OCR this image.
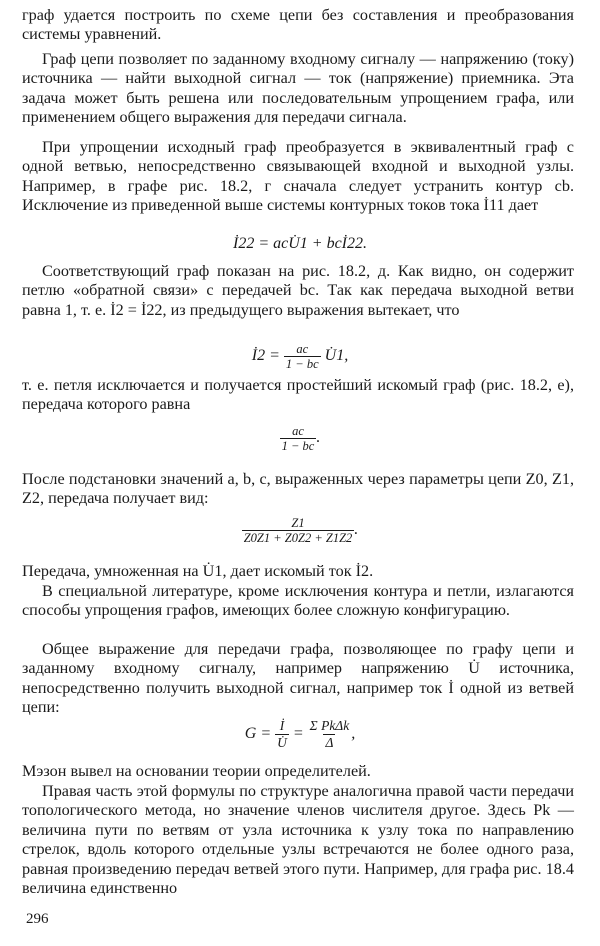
граф удается построить по схеме цепи без составления и преобразования системы уравнений.

Граф цепи позволяет по заданному входному сигналу — напряжению (току) источника — найти выходной сигнал — ток (напряжение) приемника. Эта задача может быть решена или последовательным упрощением графа, или применением общего выражения для передачи сигнала.

При упрощении исходный граф преобразуется в эквивалентный граф с одной ветвью, непосредственно связывающей входной и выходной узлы. Например, в графе рис. 18.2, г сначала следует устранить контур cb. Исключение из приведенной выше системы контурных токов тока İ11 дает

İ22 = acU̇1 + bcİ22.

Соответствующий граф показан на рис. 18.2, д. Как видно, он содержит петлю «обратной связи» с передачей bc. Так как передача выходной ветви равна 1, т. е. İ2 = İ22, из предыдущего выражения вытекает, что

İ2 = $\frac{ac}{1 - bc}$ U̇1,

т. е. петля исключается и получается простейший искомый граф (рис. 18.2, е), передача которого равна

$\frac{ac}{1 - bc}$ .

После подстановки значений a, b, c, выраженных через параметры цепи Z0, Z1, Z2, передача получает вид:

$\frac{Z1}{Z0Z1 + Z0Z2 + Z1Z2}$ .

Передача, умноженная на U̇1, дает искомый ток İ2.

В специальной литературе, кроме исключения контура и петли, излагаются способы упрощения графов, имеющих более сложную конфигурацию.

Общее выражение для передачи графа, позволяющее по графу цепи и заданному входному сигналу, например напряжению U̇ источника, непосредственно получить выходной сигнал, например ток İ одной из ветвей цепи:

$G = \frac{İ}{U̇} = \frac{\text{Σ PkΔk}}{\Delta}$ ,

Мэзон вывел на основании теории определителей.

Правая часть этой формулы по структуре аналогична правой части передачи топологического метода, но значение членов числителя другое. Здесь Pk — величина пути по ветвям от узла источника к узлу тока по направлению стрелок, вдоль которого отдельные узлы встречаются не более одного раза, равная произведению передач ветвей этого пути. Например, для графа рис. 18.4 величина единственно

296
